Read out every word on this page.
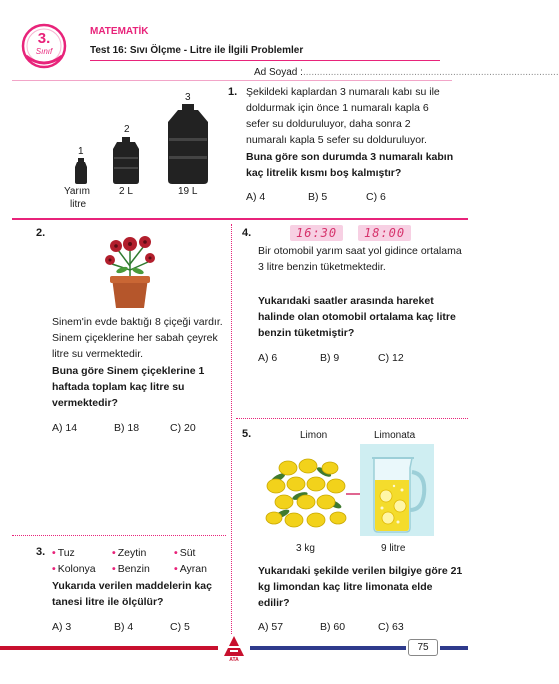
3.
Sınıf
MATEMATİK
Test 16: Sıvı Ölçme - Litre ile İlgili Problemler
Ad Soyad : ............................................................................................
1
Yarım
litre
2
2 L
3
19 L
1. Şekildeki kaplardan 3 numaralı kabı su ile doldurmak için önce 1 numaralı kapla 6 sefer su dolduruluyor, daha sonra 2 numaralı kapla 5 sefer su dolduruluyor.
Buna göre son durumda 3 numaralı kabın kaç litrelik kısmı boş kalmıştır?
A) 4	B) 5	C) 6
2.
Sinem'in evde baktığı 8 çiçeği vardır. Sinem çiçeklerine her sabah çeyrek litre su vermektedir.
Buna göre Sinem çiçeklerine 1 haftada toplam kaç litre su vermektedir?
A) 14	B) 18	C) 20
3. • Tuz	• Zeytin	• Süt
• Kolonya • Benzin • Ayran
Yukarıda verilen maddelerin kaç tanesi litre ile ölçülür?
A) 3	B) 4	C) 5
4.	16:30	18:00
Bir otomobil yarım saat yol gidince ortalama 3 litre benzin tüketmektedir.
Yukarıdaki saatler arasında hareket halinde olan otomobil ortalama kaç litre benzin tüketmiştir?
A) 6	B) 9	C) 12
5.	Limon	Limonata
3 kg	9 litre
Yukarıdaki şekilde verilen bilgiye göre 21 kg limondan kaç litre limonata elde edilir?
A) 57	B) 60	C) 63
ATA
75
